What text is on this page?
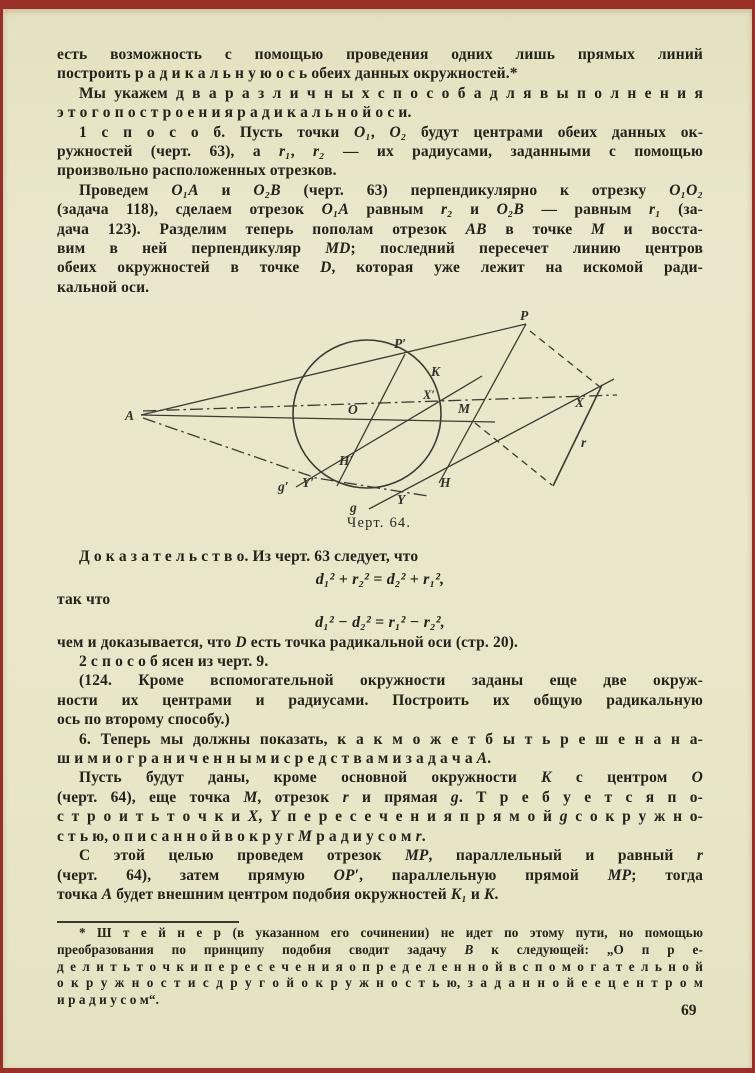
есть возможность с помощью проведения одних лишь прямых линий
построить р а д и к а л ь н у ю о с ь обеих данных окружностей.*
Мы укажем д в а р а з л и ч н ы х с п о с о б а д л я в ы п о л н е н и я
э т о г о п о с т р о е н и я р а д и к а л ь н о й о с и.
1 с п о с о б. Пусть точки O₁, O₂ будут центрами обеих данных ок-
ружностей (черт. 63), а r₁, r₂ — их радиусами, заданными с помощью
произвольно расположенных отрезков.
Проведем O₁A и O₂B (черт. 63) перпендикулярно к отрезку O₁O₂
(задача 118), сделаем отрезок O₁A равным r₂ и O₂B — равным r₁ (за-
дача 123). Разделим теперь пополам отрезок AB в точке M и восста-
вим в ней перпендикуляр MD; последний пересечет линию центров
обеих окружностей в точке D, которая уже лежит на искомой ради-
кальной оси.
A
P
P′
K
X′	X
O	M
H′
H
Y′
Y
g′
g
r
Черт. 64.
Д о к а з а т е л ь с т в о. Из черт. 63 следует, что
d₁² + r₂² = d₂² + r₁²,
так что
d₁² − d₂² = r₁² − r₂²,
чем и доказывается, что D есть точка радикальной оси (стр. 20).
2 с п о с о б ясен из черт. 9.
(124. Кроме вспомогательной окружности заданы еще две окруж-
ности их центрами и радиусами. Построить их общую радикальную
ось по второму способу.)
6. Теперь мы должны показать, к а к м о ж е т б ы т ь р е ш е н а н а-
ш и м и о г р а н и ч е н н ы м и с р е д с т в а м и з а д а ч а A.
Пусть будут даны, кроме основной окружности K с центром O
(черт. 64), еще точка M, отрезок r и прямая g. Т р е б у е т с я п о-
с т р о и т ь т о ч к и X, Y п е р е с е ч е н и я п р я м о й g с о к р у ж н о-
с т ь ю, о п и с а н н о й в о к р у г M р а д и у с о м r.
С этой целью проведем отрезок MP, параллельный и равный r
(черт. 64), затем прямую OP′, параллельную прямой MP; тогда
точка A будет внешним центром подобия окружностей K₁ и K.
* Ш т е й н е р (в указанном его сочинении) не идет по этому пути, но помощью
преобразования по принципу подобия сводит задачу B к следующей: „О п р е-
д е л и т ь т о ч к и п е р е с е ч е н и я о п р е д е л е н н о й в с п о м о г а т е л ь н о й
о к р у ж н о с т и с д р у г о й о к р у ж н о с т ь ю, з а д а н н о й е е ц е н т р о м
и р а д и у с о м“.
69
